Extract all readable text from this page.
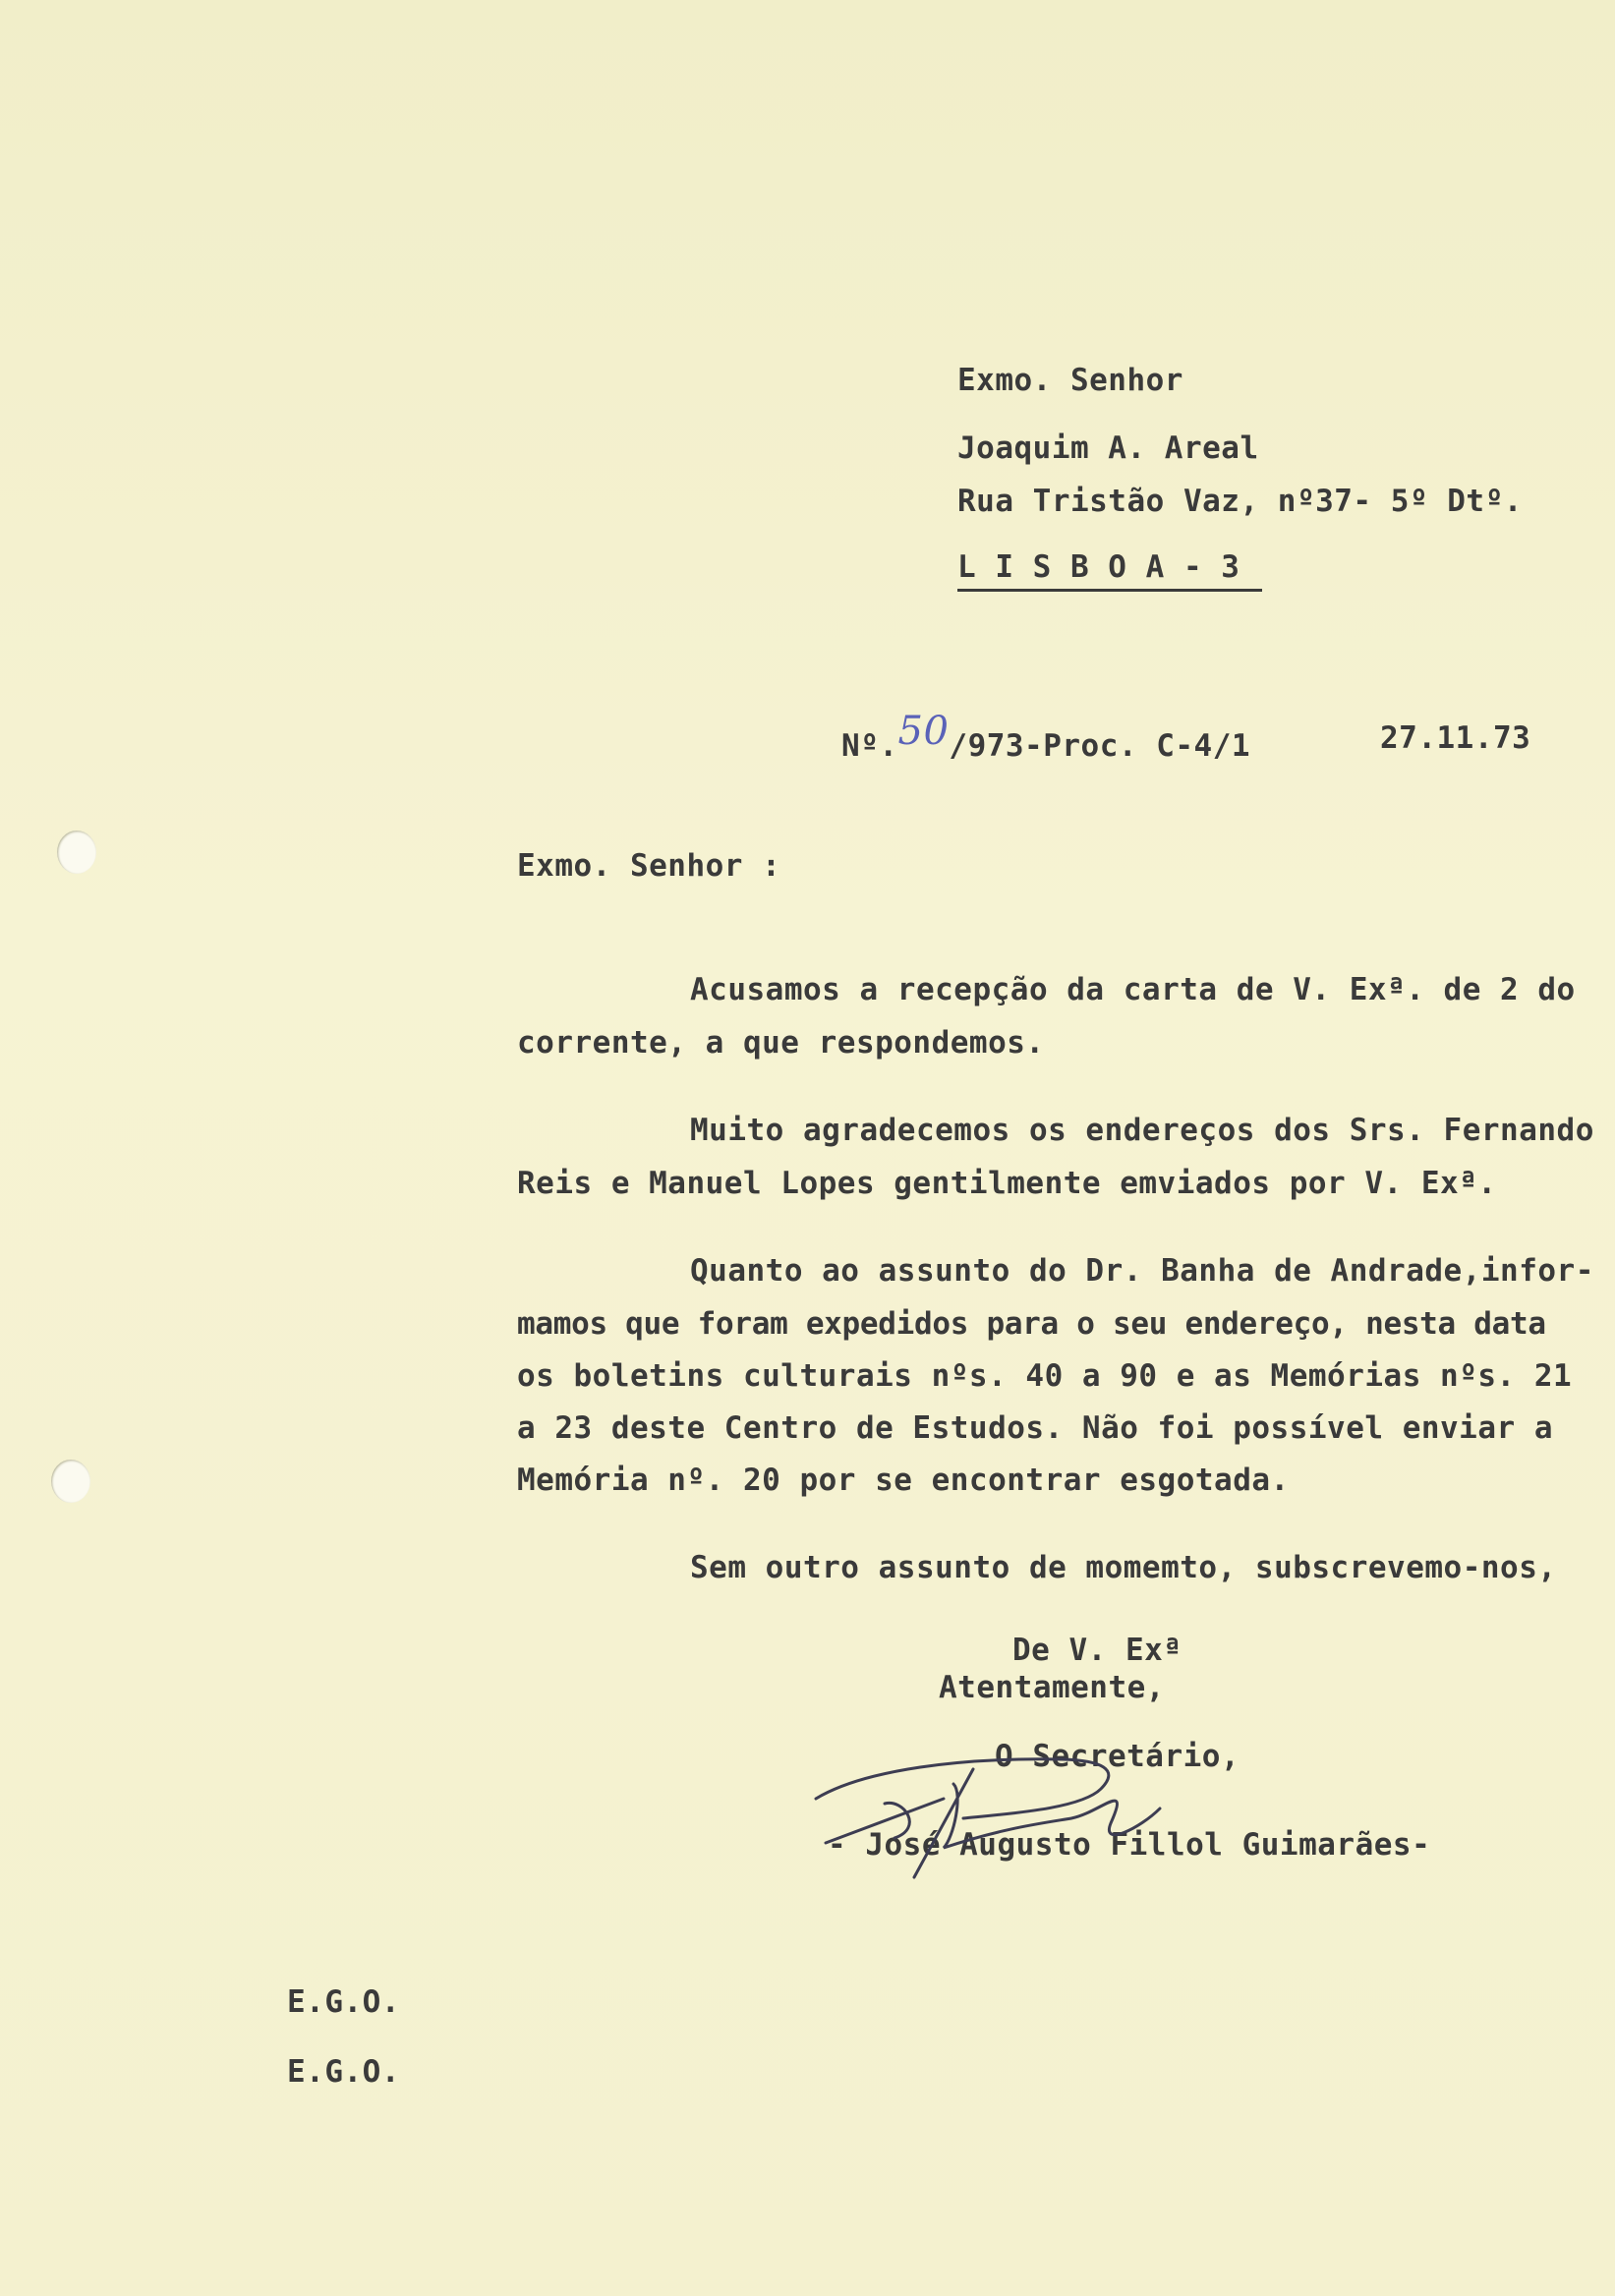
Exmo. Senhor
Joaquim A. Areal
Rua Tristão Vaz, nº37- 5º Dtº.
L I S B O A - 3
Nº.50/973-Proc. C-4/1	27.11.73
Exmo. Senhor :
Acusamos a recepção da carta de V. Exª. de 2 do
corrente, a que respondemos.
Muito agradecemos os endereços dos Srs. Fernando
Reis e Manuel Lopes gentilmente emviados por V. Exª.
Quanto ao assunto do Dr. Banha de Andrade,infor-
mamos que foram expedidos para o seu endereço, nesta data
os boletins culturais nºs. 40 a 90 e as Memórias nºs. 21
a 23 deste Centro de Estudos. Não foi possível enviar a
Memória nº. 20 por se encontrar esgotada.
Sem outro assunto de momemto, subscrevemo-nos,
De V. Exª
Atentamente,
O Secretário,
- José Augusto Fillol Guimarães-
E.G.O.
E.G.O.
